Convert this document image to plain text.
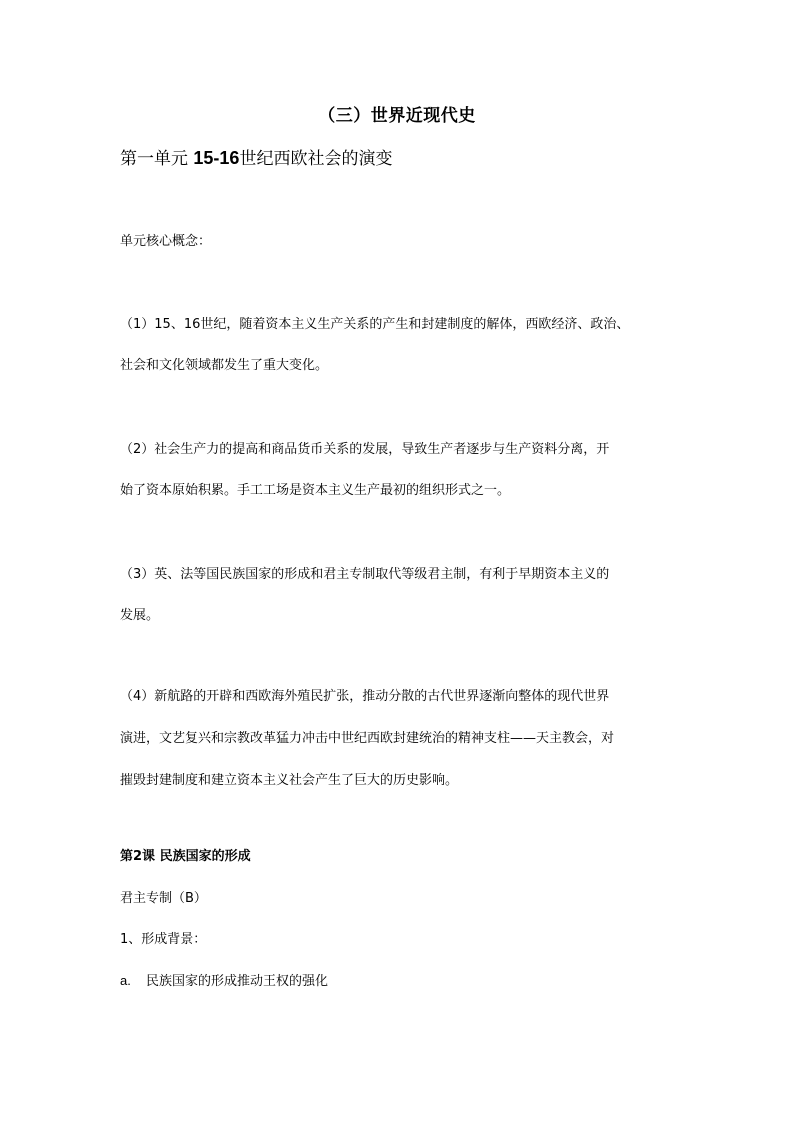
（三）世界近现代史
第一单元 15-16世纪西欧社会的演变
单元核心概念：
（1）15、16世纪，随着资本主义生产关系的产生和封建制度的解体，西欧经济、政治、
社会和文化领域都发生了重大变化。
（2）社会生产力的提高和商品货币关系的发展，导致生产者逐步与生产资料分离，开
始了资本原始积累。手工工场是资本主义生产最初的组织形式之一。
（3）英、法等国民族国家的形成和君主专制取代等级君主制，有利于早期资本主义的
发展。
（4）新航路的开辟和西欧海外殖民扩张，推动分散的古代世界逐渐向整体的现代世界
演进，文艺复兴和宗教改革猛力冲击中世纪西欧封建统治的精神支柱——天主教会，对
摧毁封建制度和建立资本主义社会产生了巨大的历史影响。
第2课 民族国家的形成
君主专制（B）
1、形成背景：
a. 民族国家的形成推动王权的强化
